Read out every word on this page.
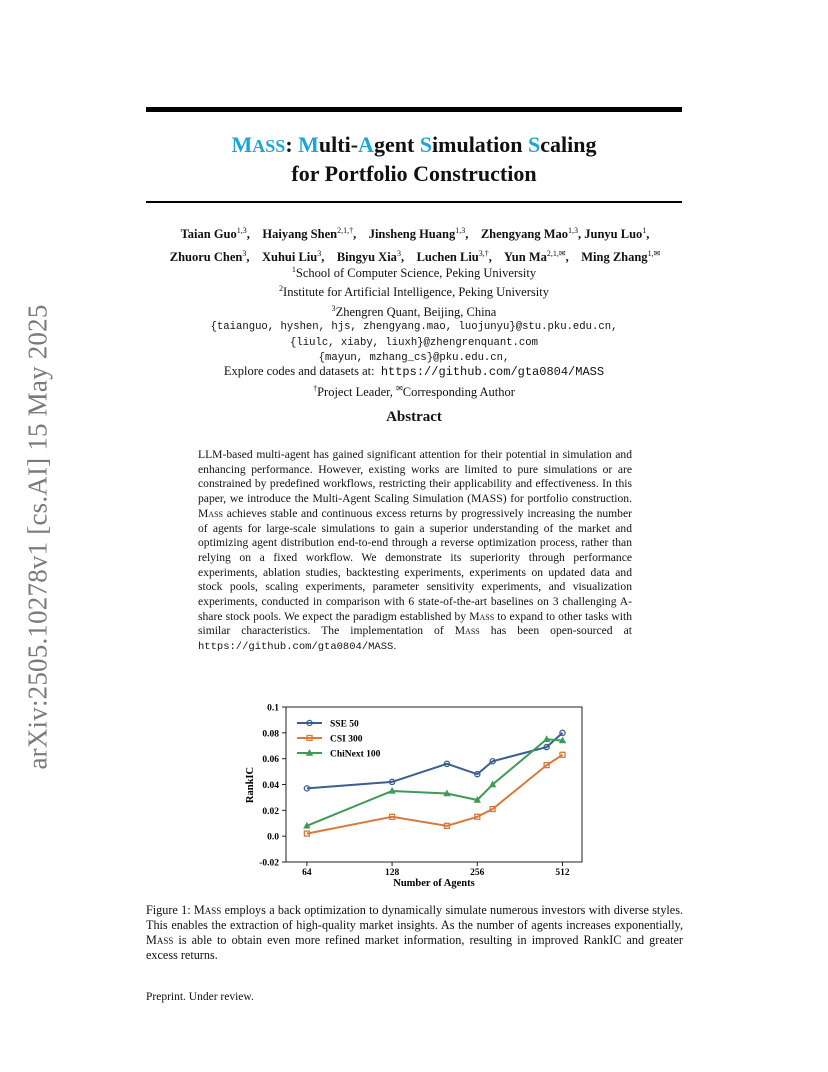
arXiv:2505.10278v1 [cs.AI] 15 May 2025
MASS: Multi-Agent Simulation Scaling
for Portfolio Construction
Taian Guo$^{1,3}$,    Haiyang Shen$^{2,1,\dagger}$,    Jinsheng Huang$^{1,3}$,    Zhengyang Mao$^{1,3}$, Junyu Luo$^1$,
Zhuoru Chen$^3$,    Xuhui Liu$^3$,    Bingyu Xia$^3$,    Luchen Liu$^{3,\dagger}$,    Yun $Ma^{2,1,✉}$,    Ming Zhang$^{1,✉}$
$^1$School of Computer Science, Peking University
$^2$Institute for Artificial Intelligence, Peking University
$^3$Zhengren Quant, Beijing, China
{taianguo, hyshen, hjs, zhengyang.mao, luojunyu}@stu.pku.edu.cn,
{liulc, xiaby, liuxh}@zhengrenquant.com
{mayun, mzhang_cs}@pku.edu.cn,
Explore codes and datasets at: https://github.com/gta0804/MASS
†Project Leader, ✉Corresponding Author
Abstract
LLM-based multi-agent has gained significant attention for their potential in simulation and enhancing performance. However, existing works are limited to pure simulations or are constrained by predefined workflows, restricting their applicability and effectiveness. In this paper, we introduce the Multi-Agent Scaling Simulation (MASS) for portfolio construction. Mass achieves stable and continuous excess returns by progressively increasing the number of agents for large-scale simulations to gain a superior understanding of the market and optimizing agent distribution end-to-end through a reverse optimization process, rather than relying on a fixed workflow. We demonstrate its superiority through performance experiments, ablation studies, backtesting experiments, experiments on updated data and stock pools, scaling experiments, parameter sensitivity experiments, and visualization experiments, conducted in comparison with 6 state-of-the-art baselines on 3 challenging A-share stock pools. We expect the paradigm established by Mass to expand to other tasks with similar characteristics. The implementation of Mass has been open-sourced at https://github.com/gta0804/MASS.
-0.02
0.0
0.02
0.04
0.06
0.08
0.1
64	128	256	512
SSE 50
CSI 300
ChiNext 100
Number of Agents
RankIC
Figure 1: Mass employs a back optimization to dynamically simulate numerous investors with diverse styles. This enables the extraction of high-quality market insights. As the number of agents increases exponentially, Mass is able to obtain even more refined market information, resulting in improved RankIC and greater excess returns.
Preprint. Under review.
